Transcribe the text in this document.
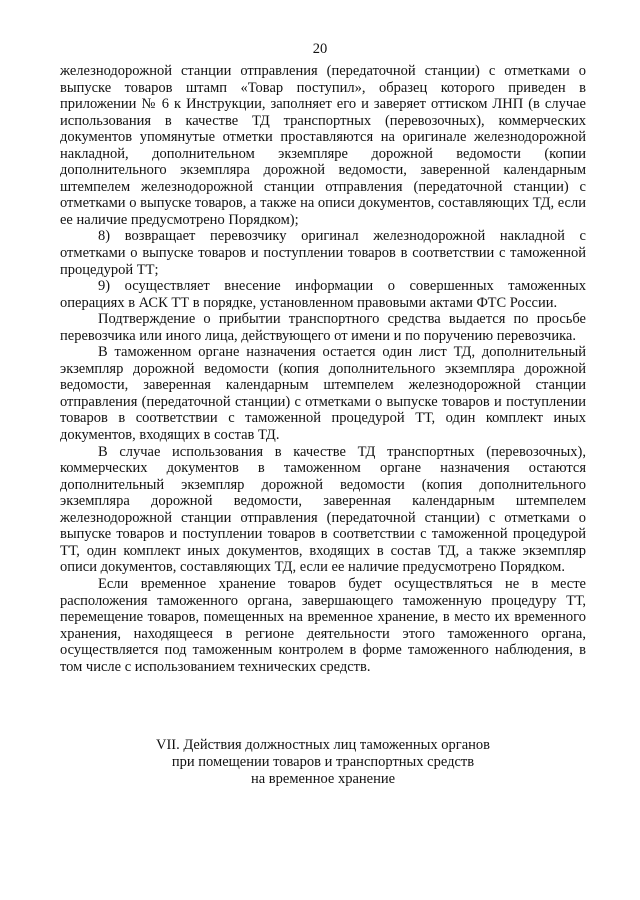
20

железнодорожной станции отправления (передаточной станции) с отметками о выпуске товаров штамп «Товар поступил», образец которого приведен в приложении № 6 к Инструкции, заполняет его и заверяет оттиском ЛНП (в случае использования в качестве ТД транспортных (перевозочных), коммерческих документов упомянутые отметки проставляются на оригинале железнодорожной накладной, дополнительном экземпляре дорожной ведомости (копии дополнительного экземпляра дорожной ведомости, заверенной календарным штемпелем железнодорожной станции отправления (передаточной станции) с отметками о выпуске товаров, а также на описи документов, составляющих ТД, если ее наличие предусмотрено Порядком);

8) возвращает перевозчику оригинал железнодорожной накладной с отметками о выпуске товаров и поступлении товаров в соответствии с таможенной процедурой ТТ;

9) осуществляет внесение информации о совершенных таможенных операциях в АСК ТТ в порядке, установленном правовыми актами ФТС России.

Подтверждение о прибытии транспортного средства выдается по просьбе перевозчика или иного лица, действующего от имени и по поручению перевозчика.

В таможенном органе назначения остается один лист ТД, дополнительный экземпляр дорожной ведомости (копия дополнительного экземпляра дорожной ведомости, заверенная календарным штемпелем железнодорожной станции отправления (передаточной станции) с отметками о выпуске товаров и поступлении товаров в соответствии с таможенной процедурой ТТ, один комплект иных документов, входящих в состав ТД.

В случае использования в качестве ТД транспортных (перевозочных), коммерческих документов в таможенном органе назначения остаются дополнительный экземпляр дорожной ведомости (копия дополнительного экземпляра дорожной ведомости, заверенная календарным штемпелем железнодорожной станции отправления (передаточной станции) с отметками о выпуске товаров и поступлении товаров в соответствии с таможенной процедурой ТТ, один комплект иных документов, входящих в состав ТД, а также экземпляр описи документов, составляющих ТД, если ее наличие предусмотрено Порядком.

Если временное хранение товаров будет осуществляться не в месте расположения таможенного органа, завершающего таможенную процедуру ТТ, перемещение товаров, помещенных на временное хранение, в место их временного хранения, находящееся в регионе деятельности этого таможенного органа, осуществляется под таможенным контролем в форме таможенного наблюдения, в том числе с использованием технических средств.

VII. Действия должностных лиц таможенных органов
при помещении товаров и транспортных средств
на временное хранение
